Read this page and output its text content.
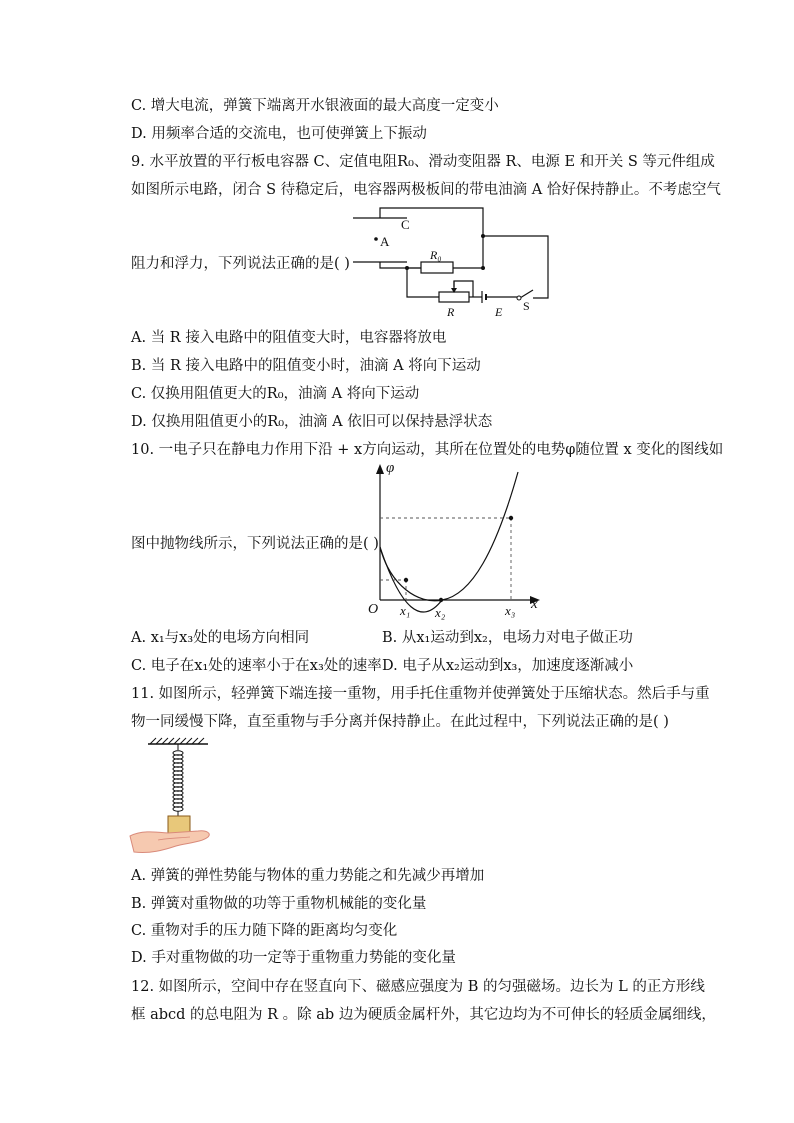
C. 增大电流，弹簧下端离开水银液面的最大高度一定变小
D. 用频率合适的交流电，也可使弹簧上下振动
9. 水平放置的平行板电容器 C、定值电阻R₀、滑动变阻器 R、电源 E 和开关 S 等元件组成
如图所示电路，闭合 S 待稳定后，电容器两极板间的带电油滴 A 恰好保持静止。不考虑空气
阻力和浮力，下列说法正确的是( )
C
A
R₀
R	E S
A. 当 R 接入电路中的阻值变大时，电容器将放电
B. 当 R 接入电路中的阻值变小时，油滴 A 将向下运动
C. 仅换用阻值更大的R₀，油滴 A 将向下运动
D. 仅换用阻值更小的R₀，油滴 A 依旧可以保持悬浮状态
10. 一电子只在静电力作用下沿 + x方向运动，其所在位置处的电势φ随位置 x 变化的图线如
图中抛物线所示，下列说法正确的是( )
φ
x
O x₁ x₂	x₃
A. x₁与x₃处的电场方向相同	B. 从x₁运动到x₂，电场力对电子做正功
C. 电子在x₁处的速率小于在x₃处的速率 D. 电子从x₂运动到x₃，加速度逐渐减小
11. 如图所示，轻弹簧下端连接一重物，用手托住重物并使弹簧处于压缩状态。然后手与重
物一同缓慢下降，直至重物与手分离并保持静止。在此过程中，下列说法正确的是( )
A. 弹簧的弹性势能与物体的重力势能之和先减少再增加
B. 弹簧对重物做的功等于重物机械能的变化量
C. 重物对手的压力随下降的距离均匀变化
D. 手对重物做的功一定等于重物重力势能的变化量
12. 如图所示，空间中存在竖直向下、磁感应强度为 B 的匀强磁场。边长为 L 的正方形线
框 abcd 的总电阻为 R 。除 ab 边为硬质金属杆外，其它边均为不可伸长的轻质金属细线，
